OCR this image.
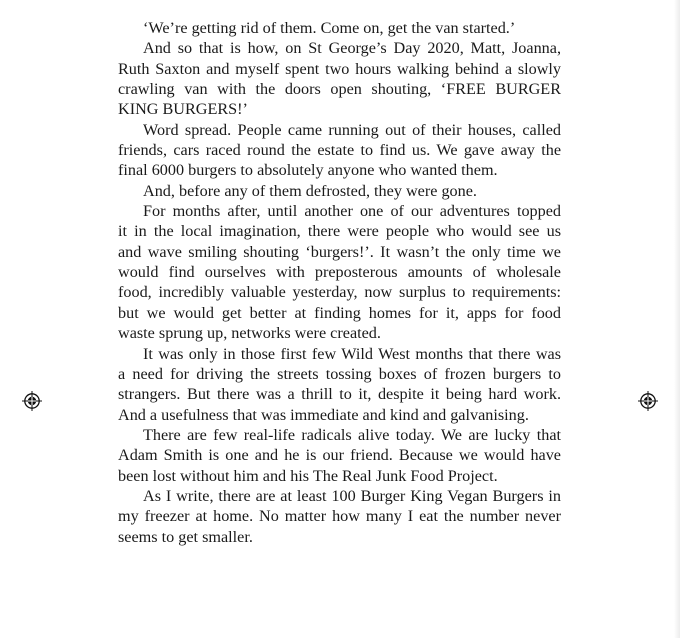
‘We’re getting rid of them. Come on, get the van started.’
And so that is how, on St George’s Day 2020, Matt, Joanna,
Ruth Saxton and myself spent two hours walking behind a slowly
crawling van with the doors open shouting, ‘FREE BURGER
KING BURGERS!’
Word spread. People came running out of their houses, called
friends, cars raced round the estate to find us. We gave away the
final 6000 burgers to absolutely anyone who wanted them.
And, before any of them defrosted, they were gone.
For months after, until another one of our adventures topped
it in the local imagination, there were people who would see us
and wave smiling shouting ‘burgers!’. It wasn’t the only time we
would find ourselves with preposterous amounts of wholesale
food, incredibly valuable yesterday, now surplus to requirements:
but we would get better at finding homes for it, apps for food
waste sprung up, networks were created.
It was only in those first few Wild West months that there was
a need for driving the streets tossing boxes of frozen burgers to
strangers. But there was a thrill to it, despite it being hard work.
And a usefulness that was immediate and kind and galvanising.
There are few real-life radicals alive today. We are lucky that
Adam Smith is one and he is our friend. Because we would have
been lost without him and his The Real Junk Food Project.
As I write, there are at least 100 Burger King Vegan Burgers in
my freezer at home. No matter how many I eat the number never
seems to get smaller.
